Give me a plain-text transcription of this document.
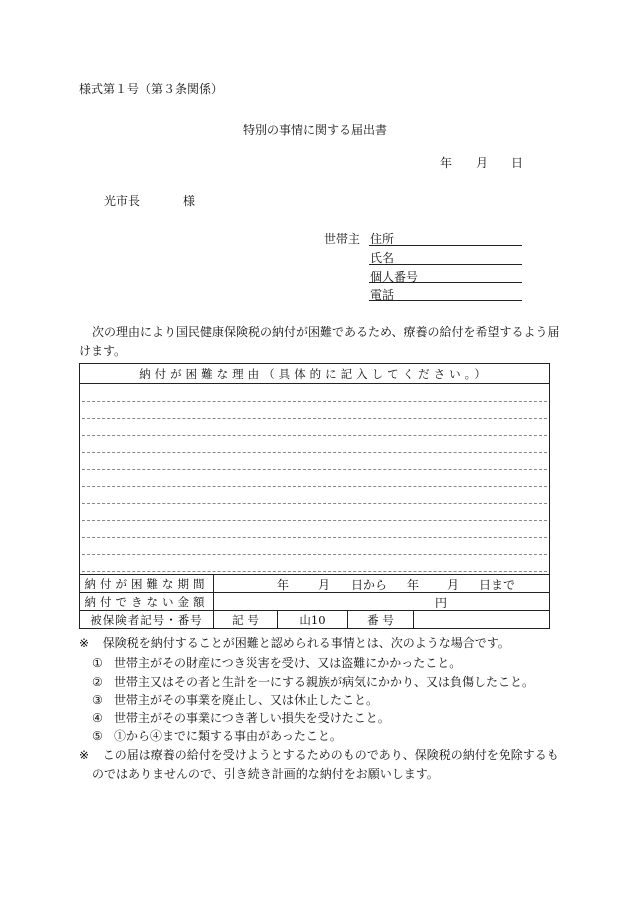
様式第１号（第３条関係）
特別の事情に関する届出書
年 月 日
光市長	様
世帯主 住所
氏名
個人番号
電話
次の理由により国民健康保険税の納付が困難であるため、療養の給付を希望するよう届
けます。
納付が困難な理由（具体的に記入してください。）
納付が困難な期間	年 月 日から 年 月 日まで
納付できない金額	円
被保険者記号・番号	記 号	山10	番 号
※ 保険税を納付することが困難と認められる事情とは、次のような場合です。
① 世帯主がその財産につき災害を受け、又は盗難にかかったこと。
② 世帯主又はその者と生計を一にする親族が病気にかかり、又は負傷したこと。
③ 世帯主がその事業を廃止し、又は休止したこと。
④ 世帯主がその事業につき著しい損失を受けたこと。
⑤ ①から④までに類する事由があったこと。
※ この届は療養の給付を受けようとするためのものであり、保険税の納付を免除するも
のではありませんので、引き続き計画的な納付をお願いします。
